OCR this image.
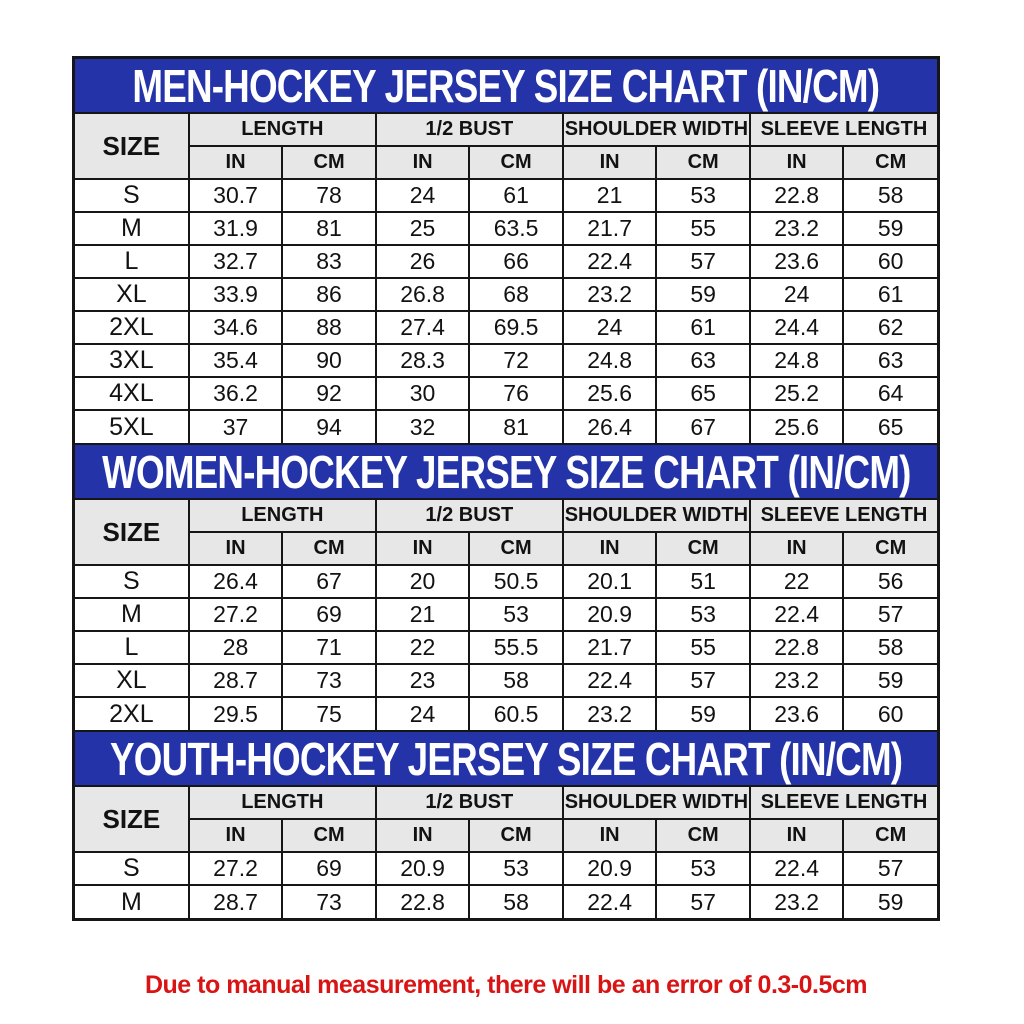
MEN-HOCKEY JERSEY SIZE CHART (IN/CM)
SIZE	LENGTH		1/2 BUST		SHOULDER WIDTH		SLEEVE LENGTH	
	IN	CM	IN	CM	IN	CM	IN	CM
S	30.7	78	24	61	21	53	22.8	58
M	31.9	81	25	63.5	21.7	55	23.2	59
L	32.7	83	26	66	22.4	57	23.6	60
XL	33.9	86	26.8	68	23.2	59	24	61
2XL	34.6	88	27.4	69.5	24	61	24.4	62
3XL	35.4	90	28.3	72	24.8	63	24.8	63
4XL	36.2	92	30	76	25.6	65	25.2	64
5XL	37	94	32	81	26.4	67	25.6	65
WOMEN-HOCKEY JERSEY SIZE CHART (IN/CM)
SIZE	LENGTH		1/2 BUST		SHOULDER WIDTH		SLEEVE LENGTH	
	IN	CM	IN	CM	IN	CM	IN	CM
S	26.4	67	20	50.5	20.1	51	22	56
M	27.2	69	21	53	20.9	53	22.4	57
L	28	71	22	55.5	21.7	55	22.8	58
XL	28.7	73	23	58	22.4	57	23.2	59
2XL	29.5	75	24	60.5	23.2	59	23.6	60
YOUTH-HOCKEY JERSEY SIZE CHART (IN/CM)
SIZE	LENGTH		1/2 BUST		SHOULDER WIDTH		SLEEVE LENGTH	
	IN	CM	IN	CM	IN	CM	IN	CM
S	27.2	69	20.9	53	20.9	53	22.4	57
M	28.7	73	22.8	58	22.4	57	23.2	59
Due to manual measurement, there will be an error of 0.3-0.5cm
